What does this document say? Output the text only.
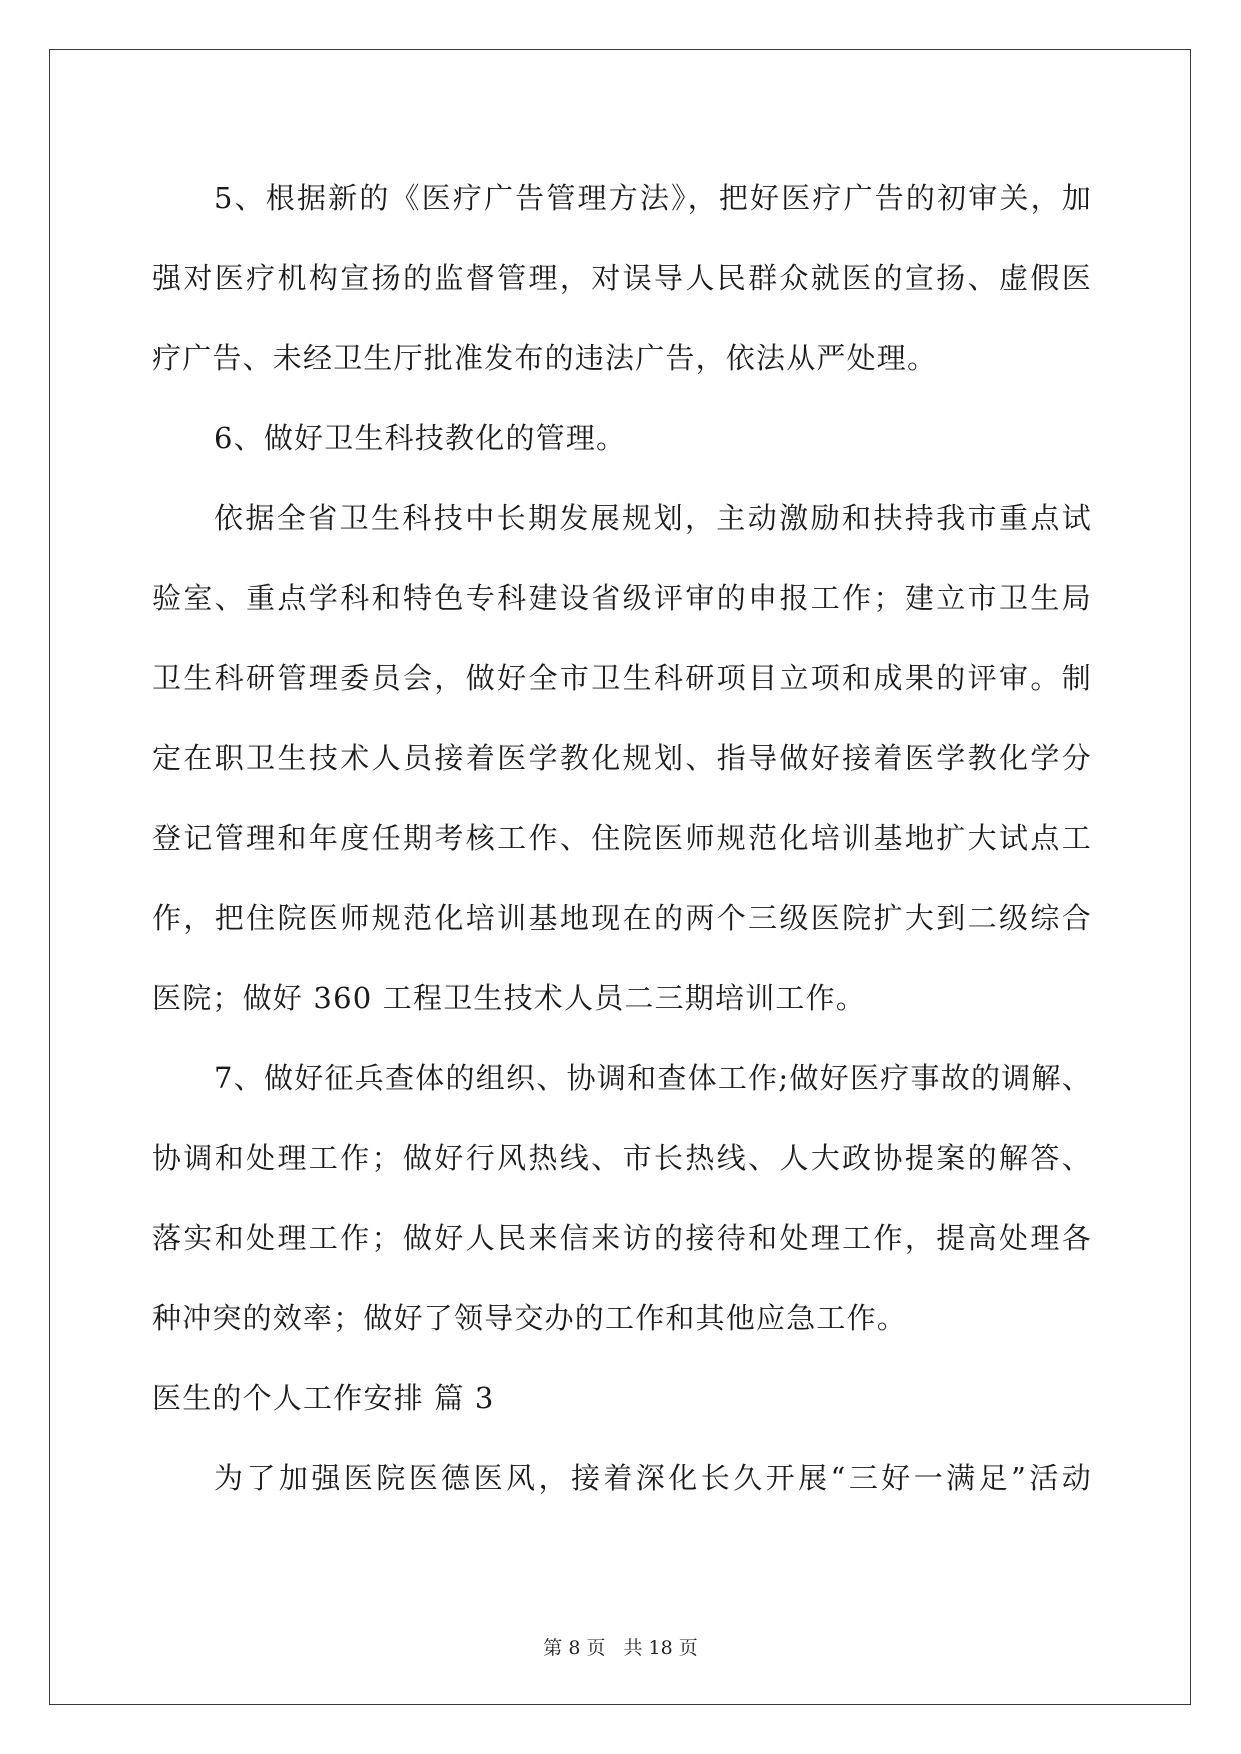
5、根据新的《医疗广告管理方法》，把好医疗广告的初审关，加
强对医疗机构宣扬的监督管理，对误导人民群众就医的宣扬、虚假医
疗广告、未经卫生厅批准发布的违法广告，依法从严处理。
6、做好卫生科技教化的管理。
依据全省卫生科技中长期发展规划，主动激励和扶持我市重点试
验室、重点学科和特色专科建设省级评审的申报工作；建立市卫生局
卫生科研管理委员会，做好全市卫生科研项目立项和成果的评审。制
定在职卫生技术人员接着医学教化规划、指导做好接着医学教化学分
登记管理和年度任期考核工作、住院医师规范化培训基地扩大试点工
作，把住院医师规范化培训基地现在的两个三级医院扩大到二级综合
医院；做好 360 工程卫生技术人员二三期培训工作。
7、做好征兵查体的组织、协调和查体工作;做好医疗事故的调解、
协调和处理工作；做好行风热线、市长热线、人大政协提案的解答、
落实和处理工作；做好人民来信来访的接待和处理工作，提高处理各
种冲突的效率；做好了领导交办的工作和其他应急工作。
医生的个人工作安排 篇 3
为了加强医院医德医风，接着深化长久开展“三好一满足”活动
第 8 页 共 18 页
